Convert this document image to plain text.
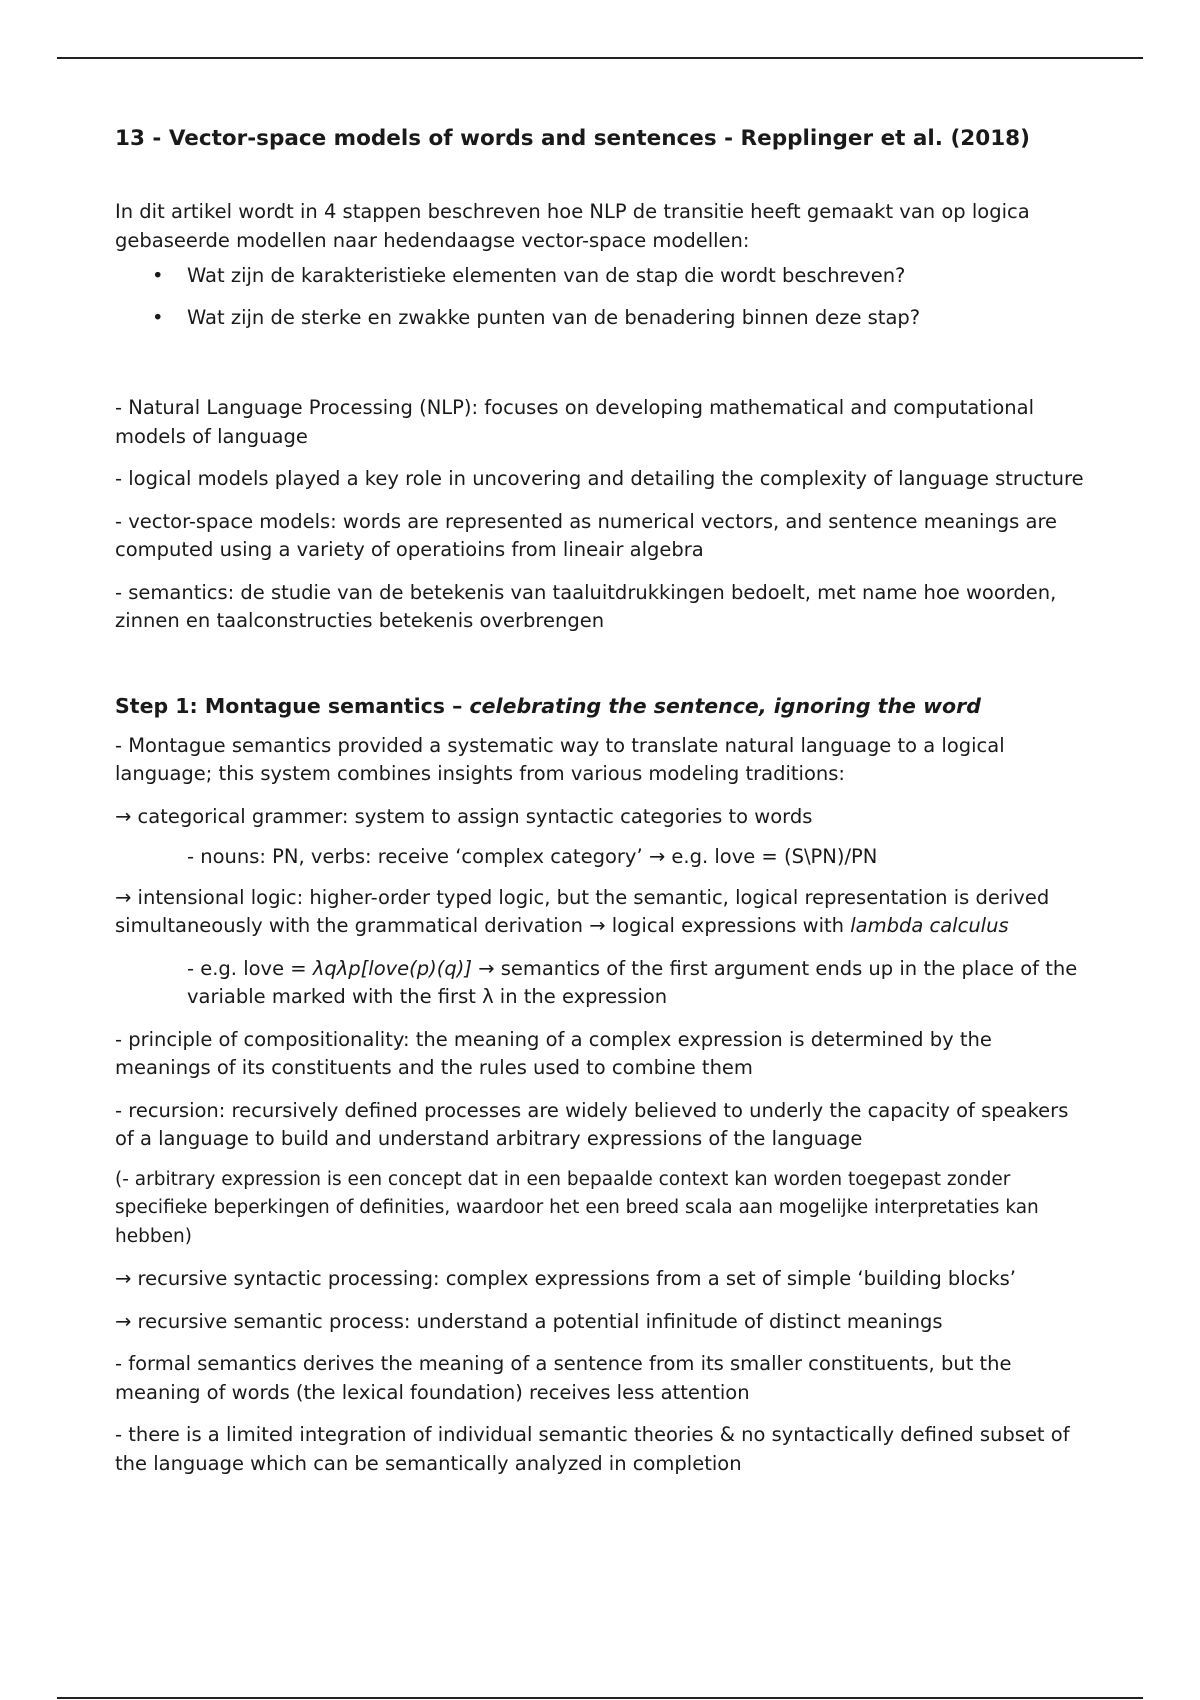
13 - Vector-space models of words and sentences - Repplinger et al. (2018)

In dit artikel wordt in 4 stappen beschreven hoe NLP de transitie heeft gemaakt van op logica gebaseerde modellen naar hedendaagse vector-space modellen:

• Wat zijn de karakteristieke elementen van de stap die wordt beschreven?
• Wat zijn de sterke en zwakke punten van de benadering binnen deze stap?

- Natural Language Processing (NLP): focuses on developing mathematical and computational models of language

- logical models played a key role in uncovering and detailing the complexity of language structure

- vector-space models: words are represented as numerical vectors, and sentence meanings are computed using a variety of operatioins from lineair algebra

- semantics: de studie van de betekenis van taaluitdrukkingen bedoelt, met name hoe woorden, zinnen en taalconstructies betekenis overbrengen

Step 1: Montague semantics – celebrating the sentence, ignoring the word

- Montague semantics provided a systematic way to translate natural language to a logical language; this system combines insights from various modeling traditions:

→ categorical grammer: system to assign syntactic categories to words

- nouns: PN, verbs: receive ‘complex category’ → e.g. love = (S\PN)/PN

→ intensional logic: higher-order typed logic, but the semantic, logical representation is derived simultaneously with the grammatical derivation → logical expressions with lambda calculus

- e.g. love = λqλp[love(p)(q)] → semantics of the first argument ends up in the place of the variable marked with the first λ in the expression

- principle of compositionality: the meaning of a complex expression is determined by the meanings of its constituents and the rules used to combine them

- recursion: recursively defined processes are widely believed to underly the capacity of speakers of a language to build and understand arbitrary expressions of the language

(- arbitrary expression is een concept dat in een bepaalde context kan worden toegepast zonder specifieke beperkingen of definities, waardoor het een breed scala aan mogelijke interpretaties kan hebben)

→ recursive syntactic processing: complex expressions from a set of simple ‘building blocks’

→ recursive semantic process: understand a potential infinitude of distinct meanings

- formal semantics derives the meaning of a sentence from its smaller constituents, but the meaning of words (the lexical foundation) receives less attention

- there is a limited integration of individual semantic theories & no syntactically defined subset of the language which can be semantically analyzed in completion
